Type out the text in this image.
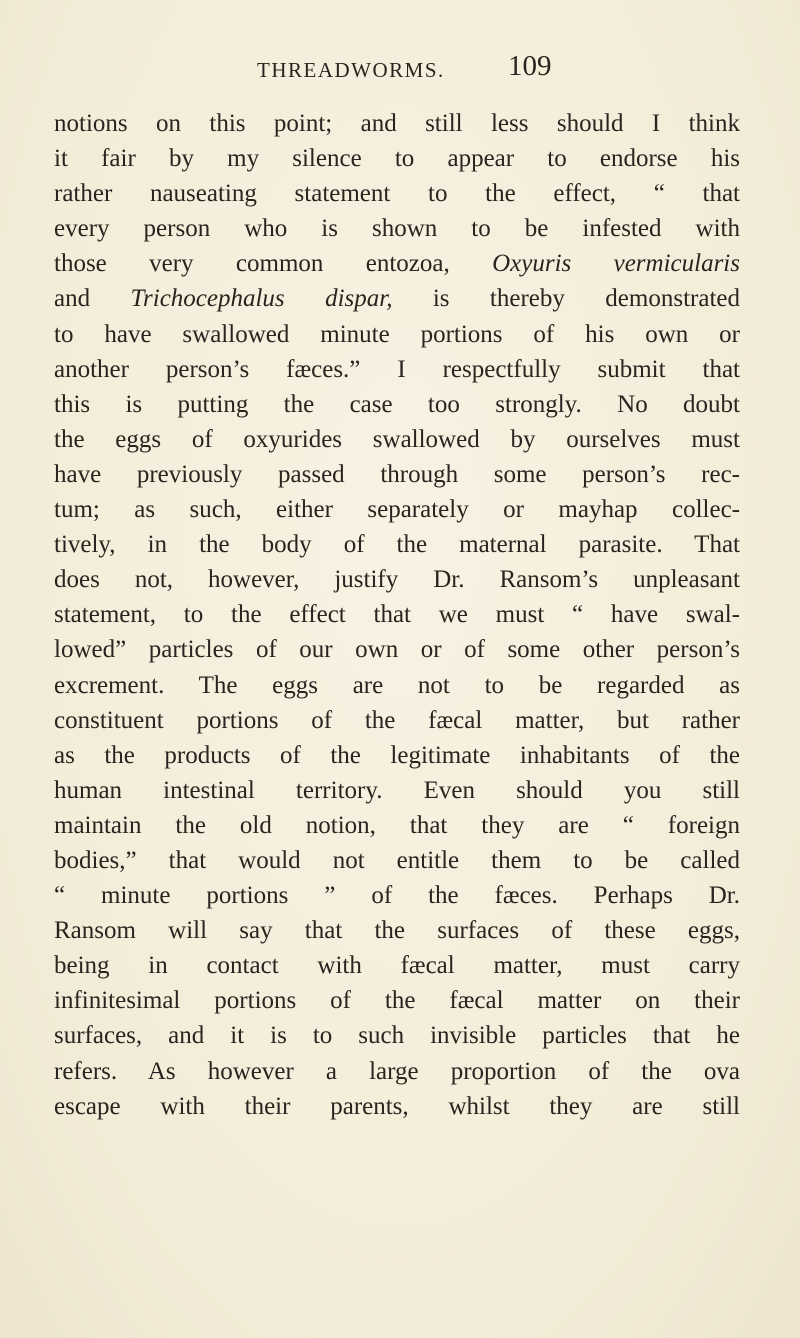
THREADWORMS. 109
notions on this point; and still less should I think
it fair by my silence to appear to endorse his
rather nauseating statement to the effect, “ that
every person who is shown to be infested with
those very common entozoa, Oxyuris vermicularis
and Trichocephalus dispar, is thereby demonstrated
to have swallowed minute portions of his own or
another person’s fæces.” I respectfully submit that
this is putting the case too strongly. No doubt
the eggs of oxyurides swallowed by ourselves must
have previously passed through some person’s rec-
tum; as such, either separately or mayhap collec-
tively, in the body of the maternal parasite. That
does not, however, justify Dr. Ransom’s unpleasant
statement, to the effect that we must “ have swal-
lowed” particles of our own or of some other person’s
excrement. The eggs are not to be regarded as
constituent portions of the fæcal matter, but rather
as the products of the legitimate inhabitants of the
human intestinal territory. Even should you still
maintain the old notion, that they are “ foreign
bodies,” that would not entitle them to be called
“ minute portions ” of the fæces. Perhaps Dr.
Ransom will say that the surfaces of these eggs,
being in contact with fæcal matter, must carry
infinitesimal portions of the fæcal matter on their
surfaces, and it is to such invisible particles that he
refers. As however a large proportion of the ova
escape with their parents, whilst they are still
